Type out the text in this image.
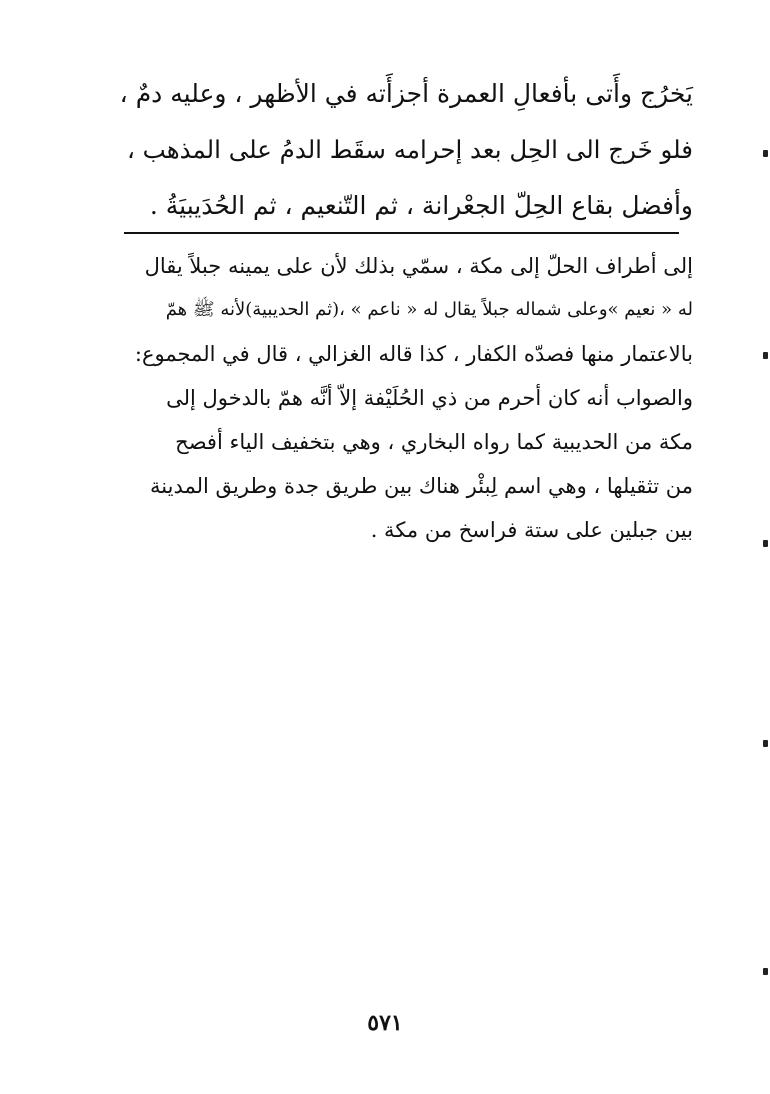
يَخرُج وأَتى بأفعالِ العمرة أجزأَته في الأظهر ، وعليه دمٌ ،
فلو خَرج الى الحِل بعد إحرامه سقَط الدمُ على المذهب ،
وأفضل بقاع الحِلّ الجعْرانة ، ثم التّنعيم ، ثم الحُدَيبيَةُ .
إلى أطراف الحلّ إلى مكة ، سمّي بذلك لأن على يمينه جبلاً يقال
له « نعيم »وعلى شماله جبلاً يقال له « ناعم » ،(ثم الحديبية)لأنه ﷺ همّ
بالاعتمار منها فصدّه الكفار ، كذا قاله الغزالي ، قال في المجموع:
والصواب أنه كان أحرم من ذي الحُلَيْفة إلاّ أنَّه همّ بالدخول إلى
مكة من الحديبية كما رواه البخاري ، وهي بتخفيف الياء أفصح
من تثقيلها ، وهي اسم لِبئْر هناك بين طريق جدة وطريق المدينة
بين جبلين على ستة فراسخ من مكة .
٥٧١
